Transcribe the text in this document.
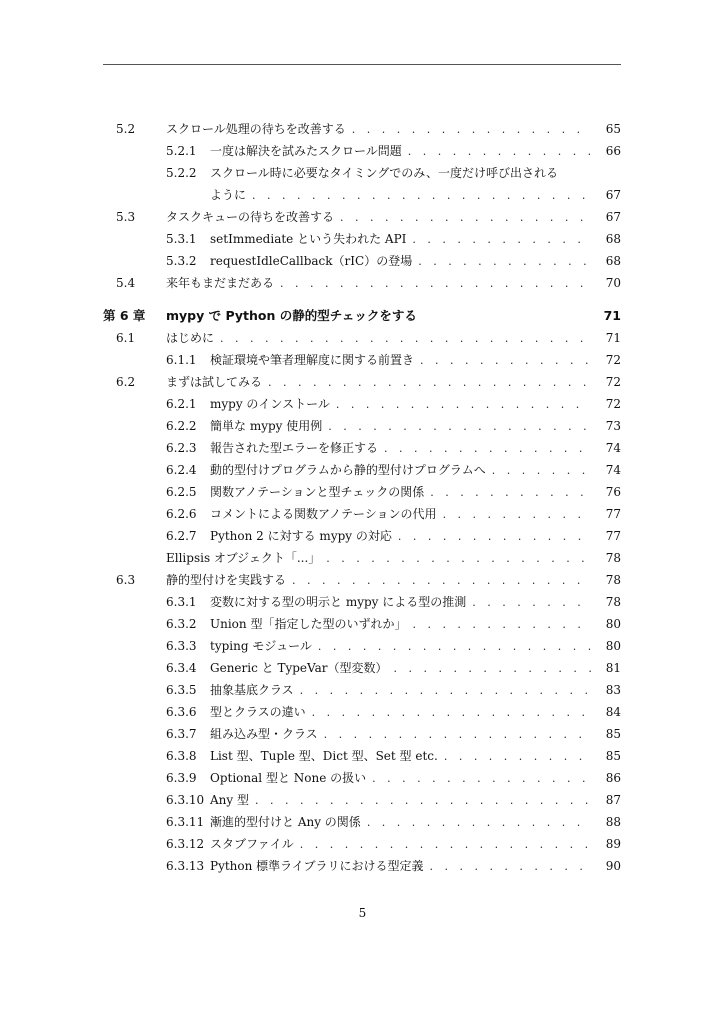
5.2	スクロール処理の待ちを改善する . . .	65
5.2.1 一度は解決を試みたスクロール問題 . . .	66
5.2.2 スクロール時に必要なタイミングでのみ、一度だけ呼び出される
ように . . .	67
5.3	タスクキューの待ちを改善する . . .	67
5.3.1 setImmediate という失われた API . . .	68
5.3.2 requestIdleCallback（rIC）の登場 . . .	68
5.4	来年もまだまだある . . .	70
第 6 章 mypy で Python の静的型チェックをする	71
6.1	はじめに . . .	71
6.1.1 検証環境や筆者理解度に関する前置き . . .	72
6.2	まずは試してみる . . .	72
6.2.1 mypy のインストール . . .	72
6.2.2 簡単な mypy 使用例 . . .	73
6.2.3 報告された型エラーを修正する . . .	74
6.2.4 動的型付けプログラムから静的型付けプログラムへ . . .	74
6.2.5 関数アノテーションと型チェックの関係 . . .	76
6.2.6 コメントによる関数アノテーションの代用 . . .	77
6.2.7 Python 2 に対する mypy の対応 . . .	77
Ellipsis オブジェクト「...」 . . .	78
6.3	静的型付けを実践する . . .	78
6.3.1 変数に対する型の明示と mypy による型の推測 . . .	78
6.3.2 Union 型「指定した型のいずれか」 . . .	80
6.3.3 typing モジュール . . .	80
6.3.4 Generic と TypeVar（型変数） . . .	81
6.3.5 抽象基底クラス . . .	83
6.3.6 型とクラスの違い . . .	84
6.3.7 組み込み型・クラス . . .	85
6.3.8 List 型、Tuple 型、Dict 型、Set 型 etc. . . .	85
6.3.9 Optional 型と None の扱い . . .	86
6.3.10 Any 型 . . .	87
6.3.11 漸進的型付けと Any の関係 . . .	88
6.3.12 スタブファイル . . .	89
6.3.13 Python 標準ライブラリにおける型定義 . . .	90
5
